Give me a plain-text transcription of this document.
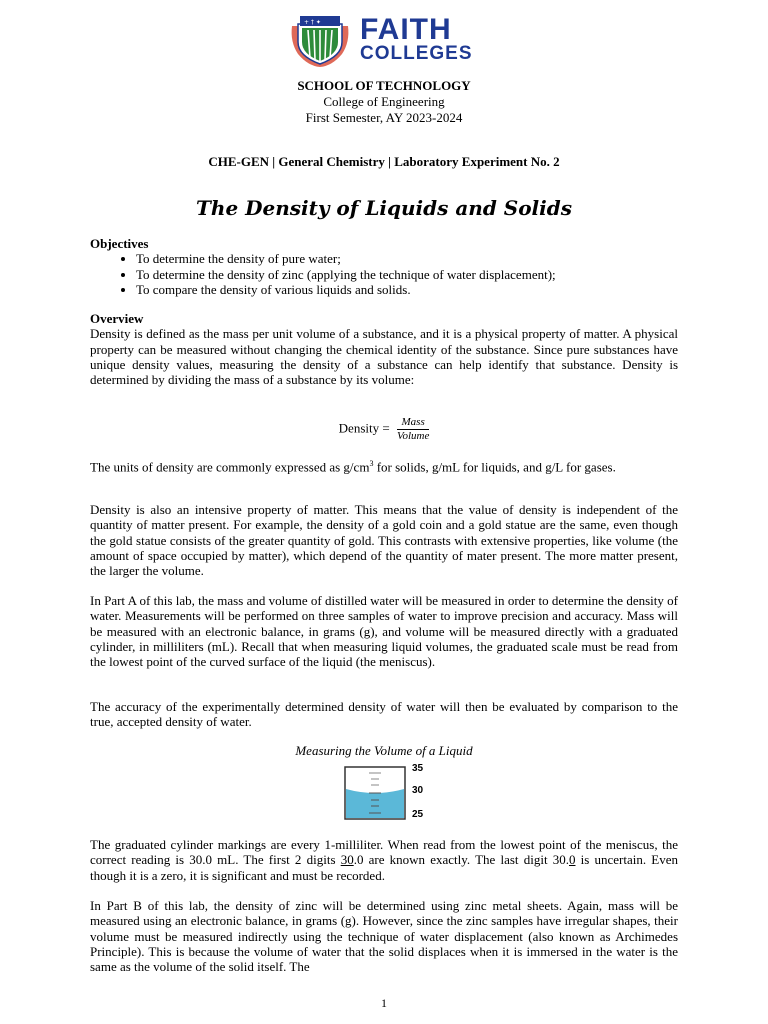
+ † ✦ FAITH
COLLEGES
SCHOOL OF TECHNOLOGY
College of Engineering
First Semester, AY 2023-2024
CHE-GEN | General Chemistry | Laboratory Experiment No. 2
The Density of Liquids and Solids
Objectives
• To determine the density of pure water;
• To determine the density of zinc (applying the technique of water displacement);
• To compare the density of various liquids and solids.
Overview
Density is defined as the mass per unit volume of a substance, and it is a physical property of matter. A physical property can be measured without changing the chemical identity of the substance. Since pure substances have unique density values, measuring the density of a substance can help identify that substance. Density is determined by dividing the mass of a substance by its volume:
Density = $\frac{\text{Mass}}{\text{Volume}}$
The units of density are commonly expressed as $g/cm^3$ for solids, g/mL for liquids, and g/L for gases.
Density is also an intensive property of matter. This means that the value of density is independent of the quantity of matter present. For example, the density of a gold coin and a gold statue are the same, even though the gold statue consists of the greater quantity of gold. This contrasts with extensive properties, like volume (the amount of space occupied by matter), which depend of the quantity of mater present. The more matter present, the larger the volume.
In Part A of this lab, the mass and volume of distilled water will be measured in order to determine the density of water. Measurements will be performed on three samples of water to improve precision and accuracy. Mass will be measured with an electronic balance, in grams (g), and volume will be measured directly with a graduated cylinder, in milliliters (mL). Recall that when measuring liquid volumes, the graduated scale must be read from the lowest point of the curved surface of the liquid (the meniscus).
The accuracy of the experimentally determined density of water will then be evaluated by comparison to the true, accepted density of water.
Measuring the Volume of a Liquid
35
30
25
The graduated cylinder markings are every 1-milliliter. When read from the lowest point of the meniscus, the correct reading is 30.0 mL. The first 2 digits 30.0 are known exactly. The last digit 30.0 is uncertain. Even though it is a zero, it is significant and must be recorded.
In Part B of this lab, the density of zinc will be determined using zinc metal sheets. Again, mass will be measured using an electronic balance, in grams (g). However, since the zinc samples have irregular shapes, their volume must be measured indirectly using the technique of water displacement (also known as Archimedes Principle). This is because the volume of water that the solid displaces when it is immersed in the water is the same as the volume of the solid itself. The
1
